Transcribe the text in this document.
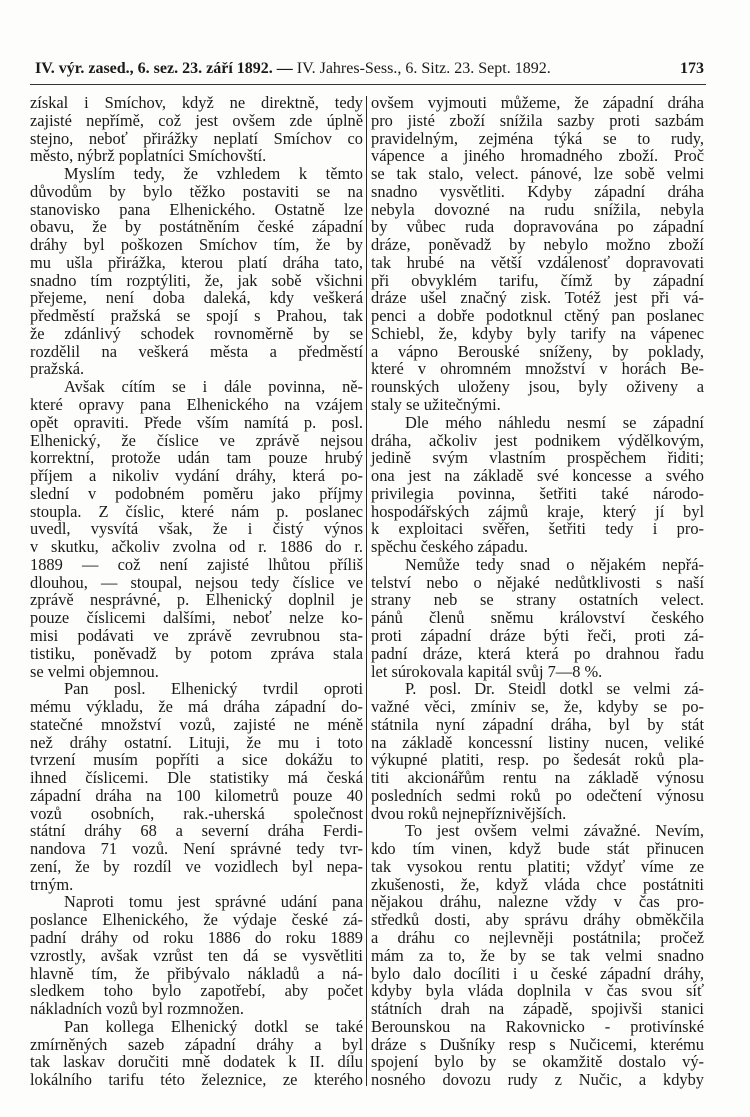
IV. výr. zased., 6. sez. 23. září 1892. — IV. Jahres-Sess., 6. Sitz. 23. Sept. 1892.	173
získal i Smíchov, když ne direktně, tedy
zajisté nepřímě, což jest ovšem zde úplně
stejno, neboť přirážky neplatí Smíchov co
město, nýbrž poplatníci Smíchovští.
Myslím tedy, že vzhledem k těmto
důvodům by bylo těžko postaviti se na
stanovisko pana Elhenického. Ostatně lze
obavu, že by postátněním české západní
dráhy byl poškozen Smíchov tím, že by
mu ušla přirážka, kterou platí dráha tato,
snadno tím rozptýliti, že, jak sobě všichni
přejeme, není doba daleká, kdy veškerá
předměstí pražská se spojí s Prahou, tak
že zdánlivý schodek rovnoměrně by se
rozdělil na veškerá města a předměstí
pražská.
Avšak cítím se i dále povinna, ně-
které opravy pana Elhenického na vzájem
opět opraviti. Přede vším namítá p. posl.
Elhenický, že číslice ve zprávě nejsou
korrektní, protože udán tam pouze hrubý
příjem a nikoliv vydání dráhy, která po-
slední v podobném poměru jako příjmy
stoupla. Z číslic, které nám p. poslanec
uvedl, vysvítá však, že i čistý výnos
v skutku, ačkoliv zvolna od r. 1886 do r.
1889 — což není zajisté lhůtou příliš
dlouhou, — stoupal, nejsou tedy číslice ve
zprávě nesprávné, p. Elhenický doplnil je
pouze číslicemi dalšími, neboť nelze ko-
misi podávati ve zprávě zevrubnou sta-
tistiku, poněvadž by potom zpráva stala
se velmi objemnou.
Pan posl. Elhenický tvrdil oproti
mému výkladu, že má dráha západní do-
statečné množství vozů, zajisté ne méně
než dráhy ostatní. Lituji, že mu i toto
tvrzení musím popříti a sice dokážu to
ihned číslicemi. Dle statistiky má česká
západní dráha na 100 kilometrů pouze 40
vozů osobních, rak.-uherská společnost
státní dráhy 68 a severní dráha Ferdi-
nandova 71 vozů. Není správné tedy tvr-
zení, že by rozdíl ve vozidlech byl nepa-
trným.
Naproti tomu jest správné udání pana
poslance Elhenického, že výdaje české zá-
padní dráhy od roku 1886 do roku 1889
vzrostly, avšak vzrůst ten dá se vysvětliti
hlavně tím, že přibývalo nákladů a ná-
sledkem toho bylo zapotřebí, aby počet
nákladních vozů byl rozmnožen.
Pan kollega Elhenický dotkl se také
zmírněných sazeb západní dráhy a byl
tak laskav doručiti mně dodatek k II. dílu
lokálního tarifu této železnice, ze kterého
ovšem vyjmouti můžeme, že západní dráha
pro jisté zboží snížila sazby proti sazbám
pravidelným, zejména týká se to rudy,
vápence a jiného hromadného zboží. Proč
se tak stalo, velect. pánové, lze sobě velmi
snadno vysvětliti. Kdyby západní dráha
nebyla dovozné na rudu snížila, nebyla
by vůbec ruda dopravována po západní
dráze, poněvadž by nebylo možno zboží
tak hrubé na větší vzdálenosť dopravovati
při obvyklém tarifu, čímž by západní
dráze ušel značný zisk. Totéž jest při vá-
penci a dobře podotknul ctěný pan poslanec
Schiebl, že, kdyby byly tarify na vápenec
a vápno Berouské sníženy, by poklady,
které v ohromném množství v horách Be-
rounských uloženy jsou, byly oživeny a
staly se užitečnými.
Dle mého náhledu nesmí se západní
dráha, ačkoliv jest podnikem výdělkovým,
jedině svým vlastním prospěchem řiditi;
ona jest na základě své koncesse a svého
privilegia povinna, šetřiti také národo-
hospodářských zájmů kraje, který jí byl
k exploitaci svěřen, šetřiti tedy i pro-
spěchu českého západu.
Nemůže tedy snad o nějakém nepřá-
telství nebo o nějaké nedůtklivosti s naší
strany neb se strany ostatních velect.
pánů členů sněmu království českého
proti západní dráze býti řeči, proti zá-
padní dráze, která která po drahnou řadu
let súrokovala kapitál svůj 7—8 %.
P. posl. Dr. Steidl dotkl se velmi zá-
važné věci, zmíniv se, že, kdyby se po-
státnila nyní západní dráha, byl by stát
na základě koncessní listiny nucen, veliké
výkupné platiti, resp. po šedesát roků pla-
titi akcionářům rentu na základě výnosu
posledních sedmi roků po odečtení výnosu
dvou roků nejnepříznivějších.
To jest ovšem velmi závažné. Nevím,
kdo tím vinen, když bude stát přinucen
tak vysokou rentu platiti; vždyť víme ze
zkušenosti, že, když vláda chce postátniti
nějakou dráhu, nalezne vždy v čas pro-
středků dosti, aby správu dráhy obměkčila
a dráhu co nejlevněji postátnila; pročež
mám za to, že by se tak velmi snadno
bylo dalo docíliti i u české západní dráhy,
kdyby byla vláda doplnila v čas svou síť
státních drah na západě, spojivši stanici
Berounskou na Rakovnicko - protivínské
dráze s Dušníky resp s Nučicemi, kterému
spojení bylo by se okamžitě dostalo vý-
nosného dovozu rudy z Nučic, a kdyby
